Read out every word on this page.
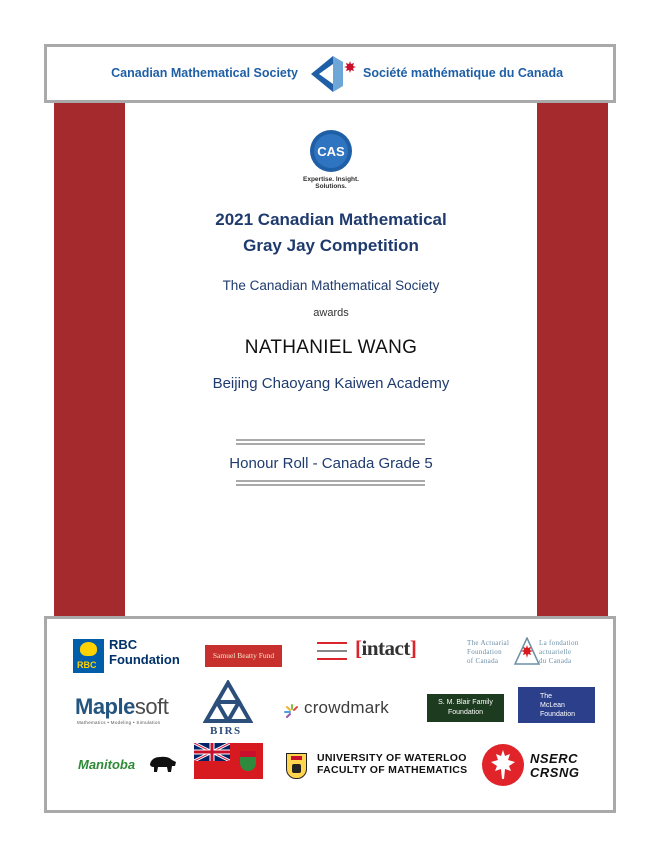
Canadian Mathematical Society	Société mathématique du Canada
CAS
Expertise. Insight.
Solutions.
2021 Canadian Mathematical
Gray Jay Competition
The Canadian Mathematical Society
awards
NATHANIEL WANG
Beijing Chaoyang Kaiwen Academy
Honour Roll - Canada Grade 5
RBC
RBC
Foundation	Samuel Beatty Fund	[intact]	The Actuarial
Foundation
of Canada
La fondation
actuarielle
du Canada
Maplesoft
Mathematics • Modeling • Simulation
BIRS
crowdmark	S. M. Blair Family
Foundation
The
McLean
Foundation
Manitoba	UNIVERSITY OF WATERLOO
FACULTY OF MATHEMATICS
NSERC
CRSNG
